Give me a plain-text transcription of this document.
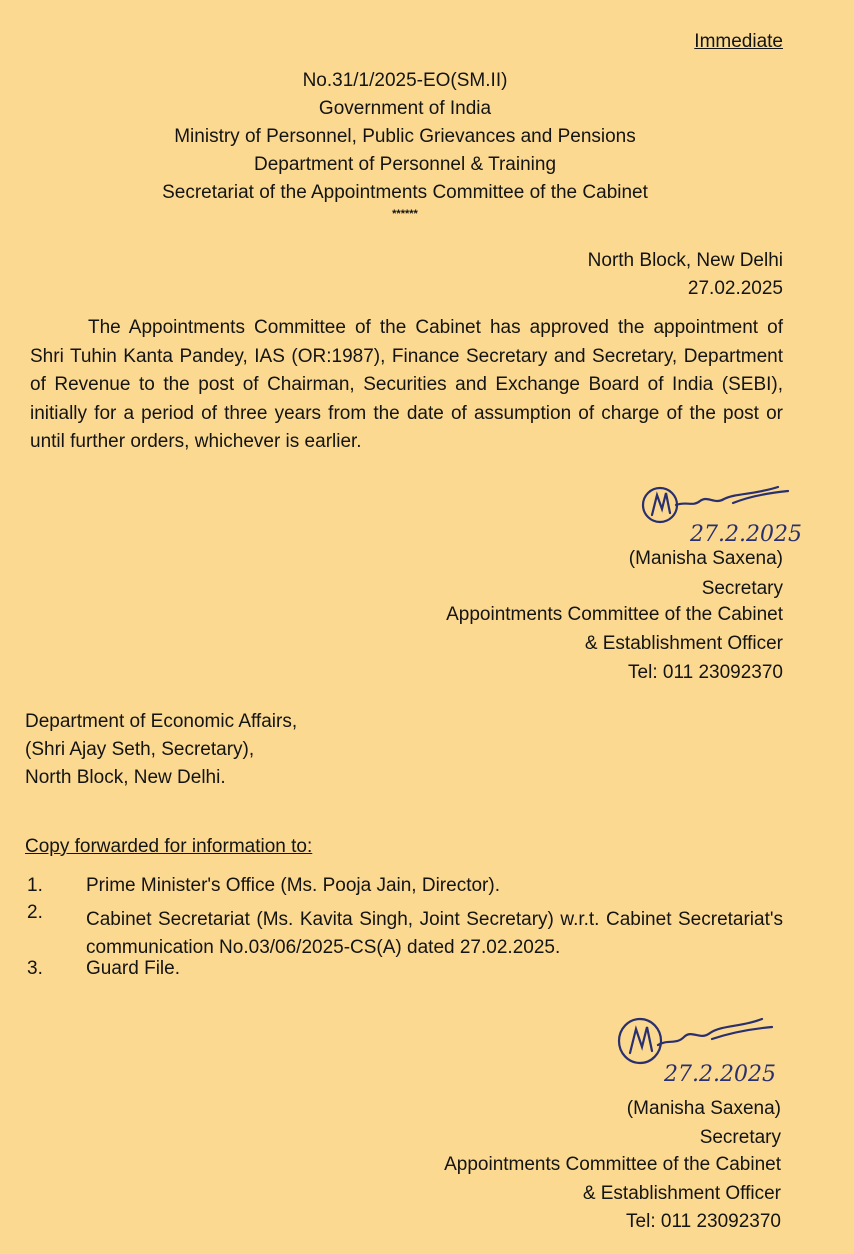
Immediate
No.31/1/2025-EO(SM.II)
Government of India
Ministry of Personnel, Public Grievances and Pensions
Department of Personnel & Training
Secretariat of the Appointments Committee of the Cabinet
******
North Block, New Delhi
27.02.2025

The Appointments Committee of the Cabinet has approved the appointment of Shri Tuhin Kanta Pandey, IAS (OR:1987), Finance Secretary and Secretary, Department of Revenue to the post of Chairman, Securities and Exchange Board of India (SEBI), initially for a period of three years from the date of assumption of charge of the post or until further orders, whichever is earlier.

27.2.2025
(Manisha Saxena)
Secretary
Appointments Committee of the Cabinet
& Establishment Officer
Tel: 011 23092370
Department of Economic Affairs,
(Shri Ajay Seth, Secretary),
North Block, New Delhi.
Copy forwarded for information to:
1. Prime Minister's Office (Ms. Pooja Jain, Director).
2. Cabinet Secretariat (Ms. Kavita Singh, Joint Secretary) w.r.t. Cabinet Secretariat's communication No.03/06/2025-CS(A) dated 27.02.2025.
3. Guard File.
27.2.2025
(Manisha Saxena)
Secretary
Appointments Committee of the Cabinet
& Establishment Officer
Tel: 011 23092370
